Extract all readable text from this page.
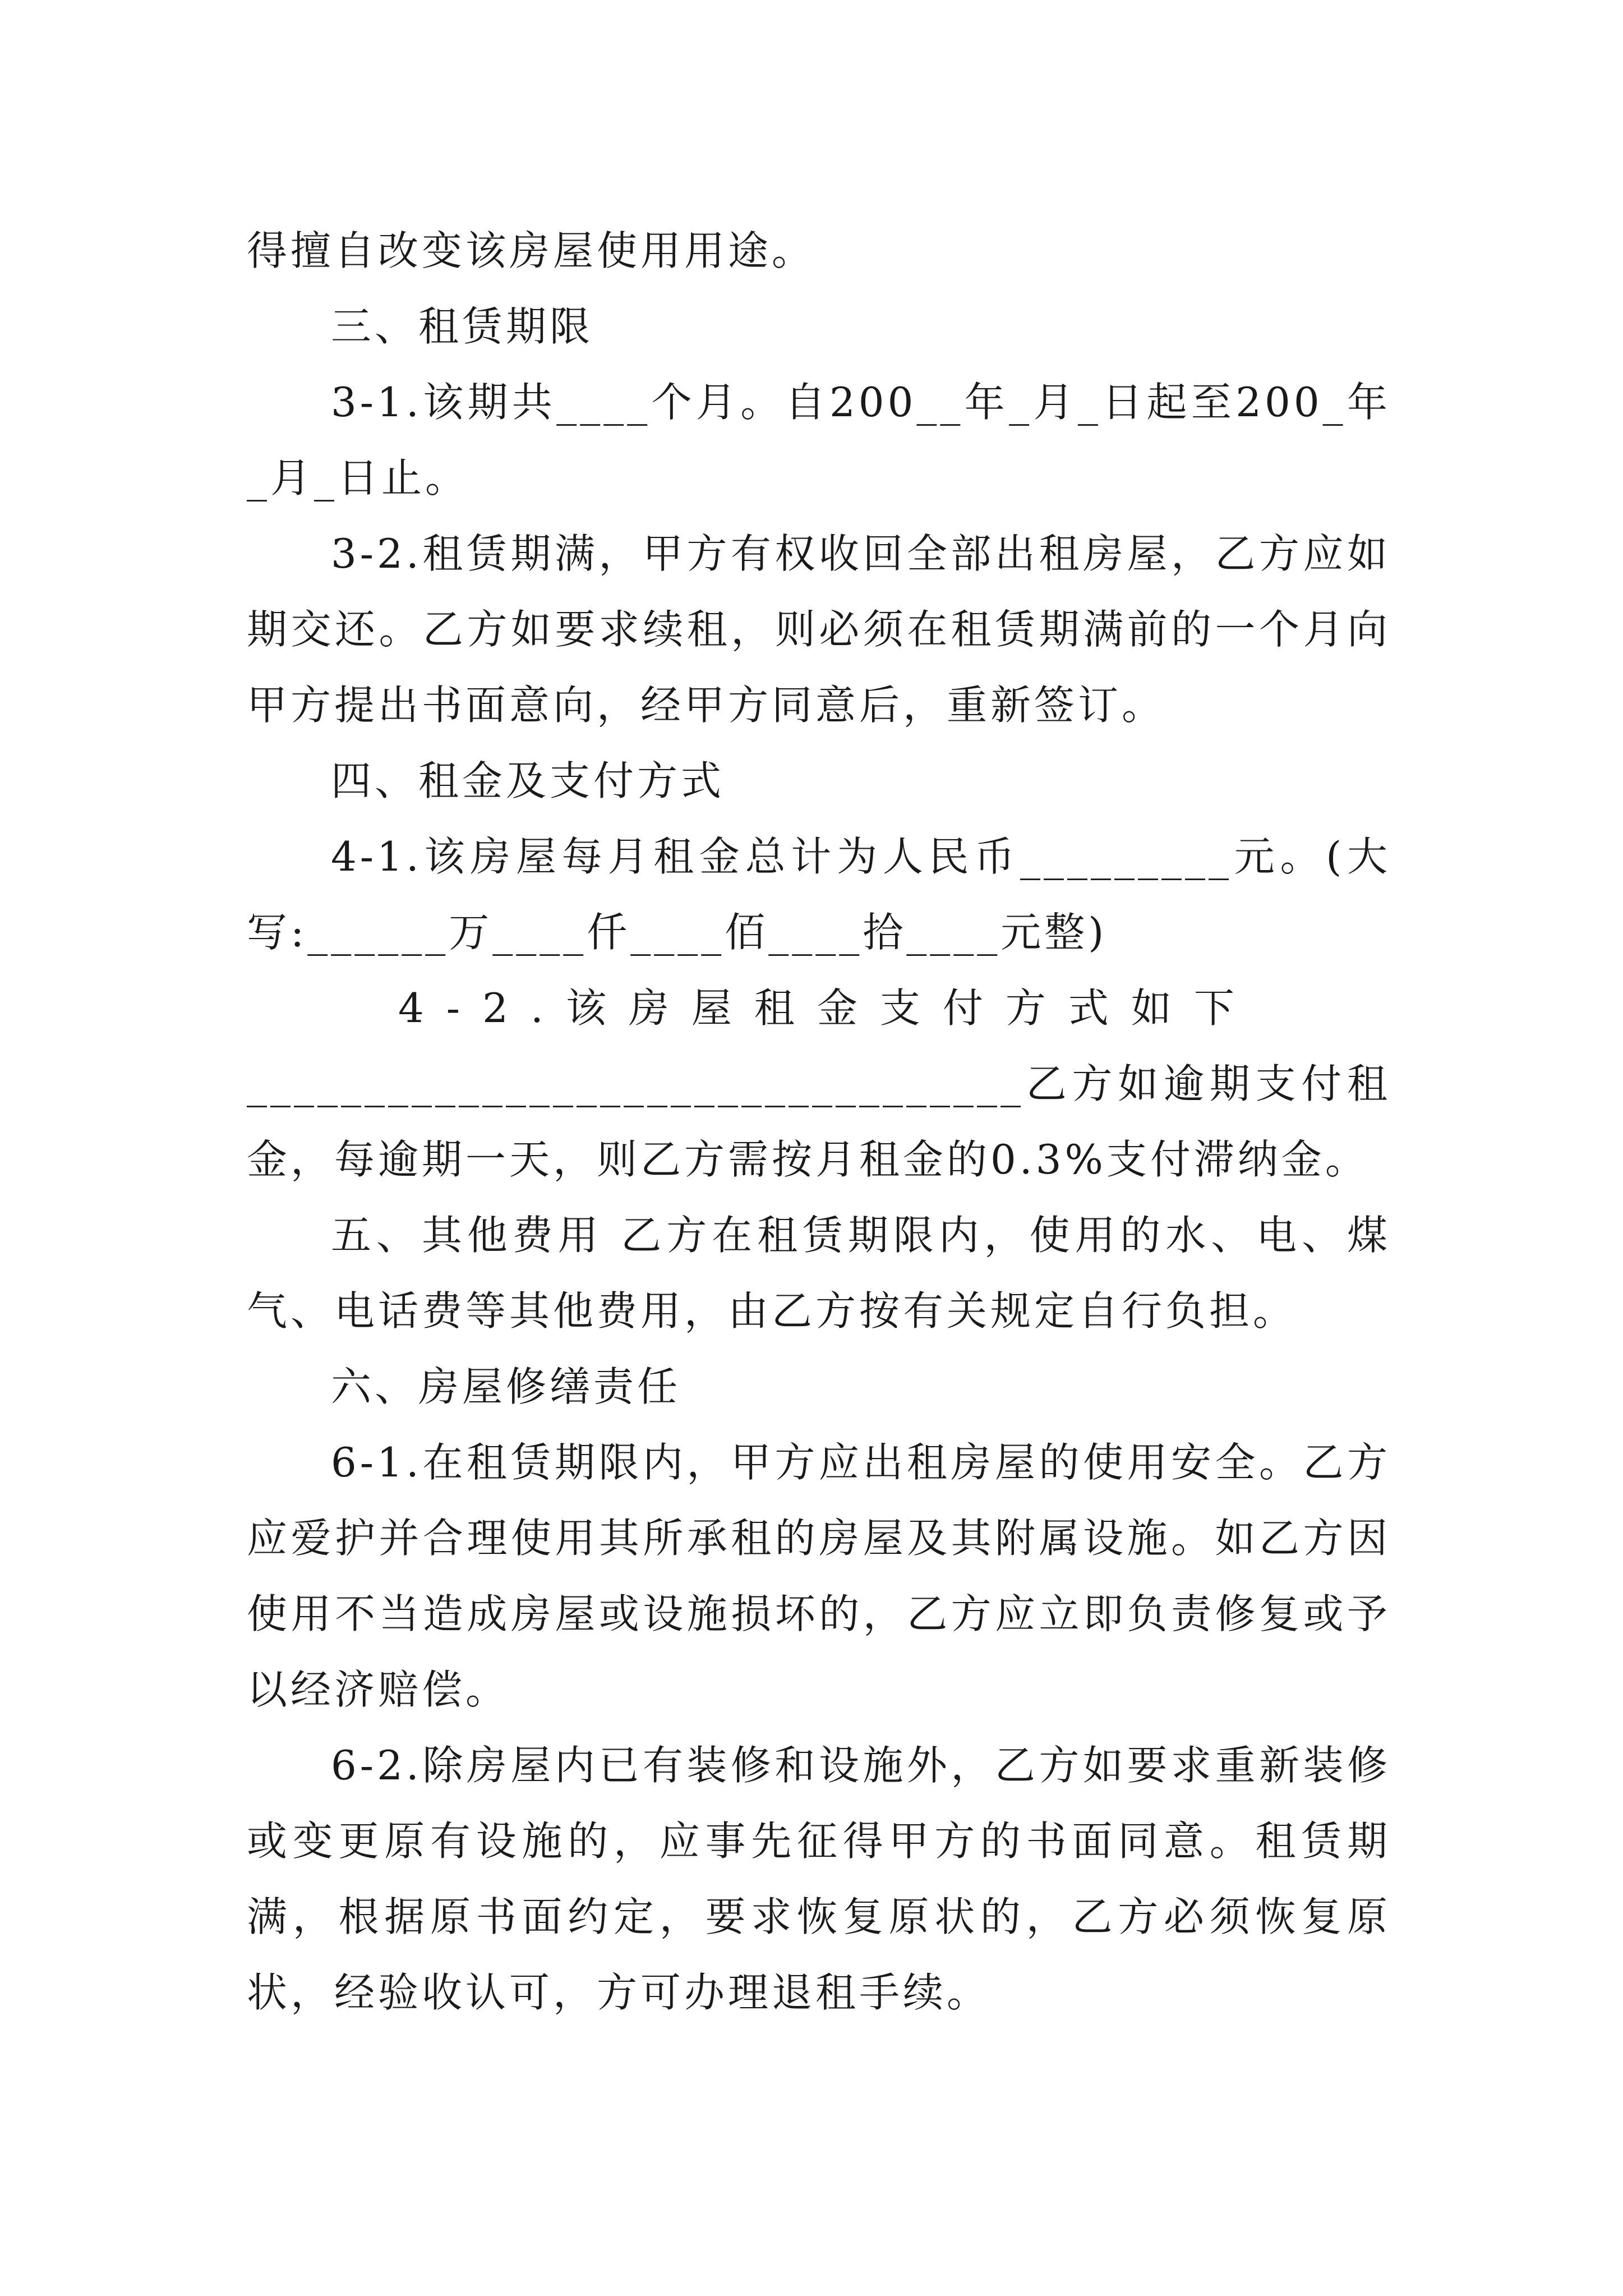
得擅自改变该房屋使用用途。

三、租赁期限

3-1.该期共____个月。自200__年_月_日起至200_年_月_日止。

3-2.租赁期满，甲方有权收回全部出租房屋，乙方应如期交还。乙方如要求续租，则必须在租赁期满前的一个月向甲方提出书面意向，经甲方同意后，重新签订。

四、租金及支付方式

4-1.该房屋每月租金总计为人民币_________元。(大写:______万____仟____佰____拾____元整)

4-2.该房屋租金支付方式如下

_________________________________乙方如逾期支付租金，每逾期一天，则乙方需按月租金的0.3%支付滞纳金。

五、其他费用 乙方在租赁期限内，使用的水、电、煤气、电话费等其他费用，由乙方按有关规定自行负担。

六、房屋修缮责任

6-1.在租赁期限内，甲方应出租房屋的使用安全。乙方应爱护并合理使用其所承租的房屋及其附属设施。如乙方因使用不当造成房屋或设施损坏的，乙方应立即负责修复或予以经济赔偿。

6-2.除房屋内已有装修和设施外，乙方如要求重新装修或变更原有设施的，应事先征得甲方的书面同意。租赁期满，根据原书面约定，要求恢复原状的，乙方必须恢复原状，经验收认可，方可办理退租手续。
